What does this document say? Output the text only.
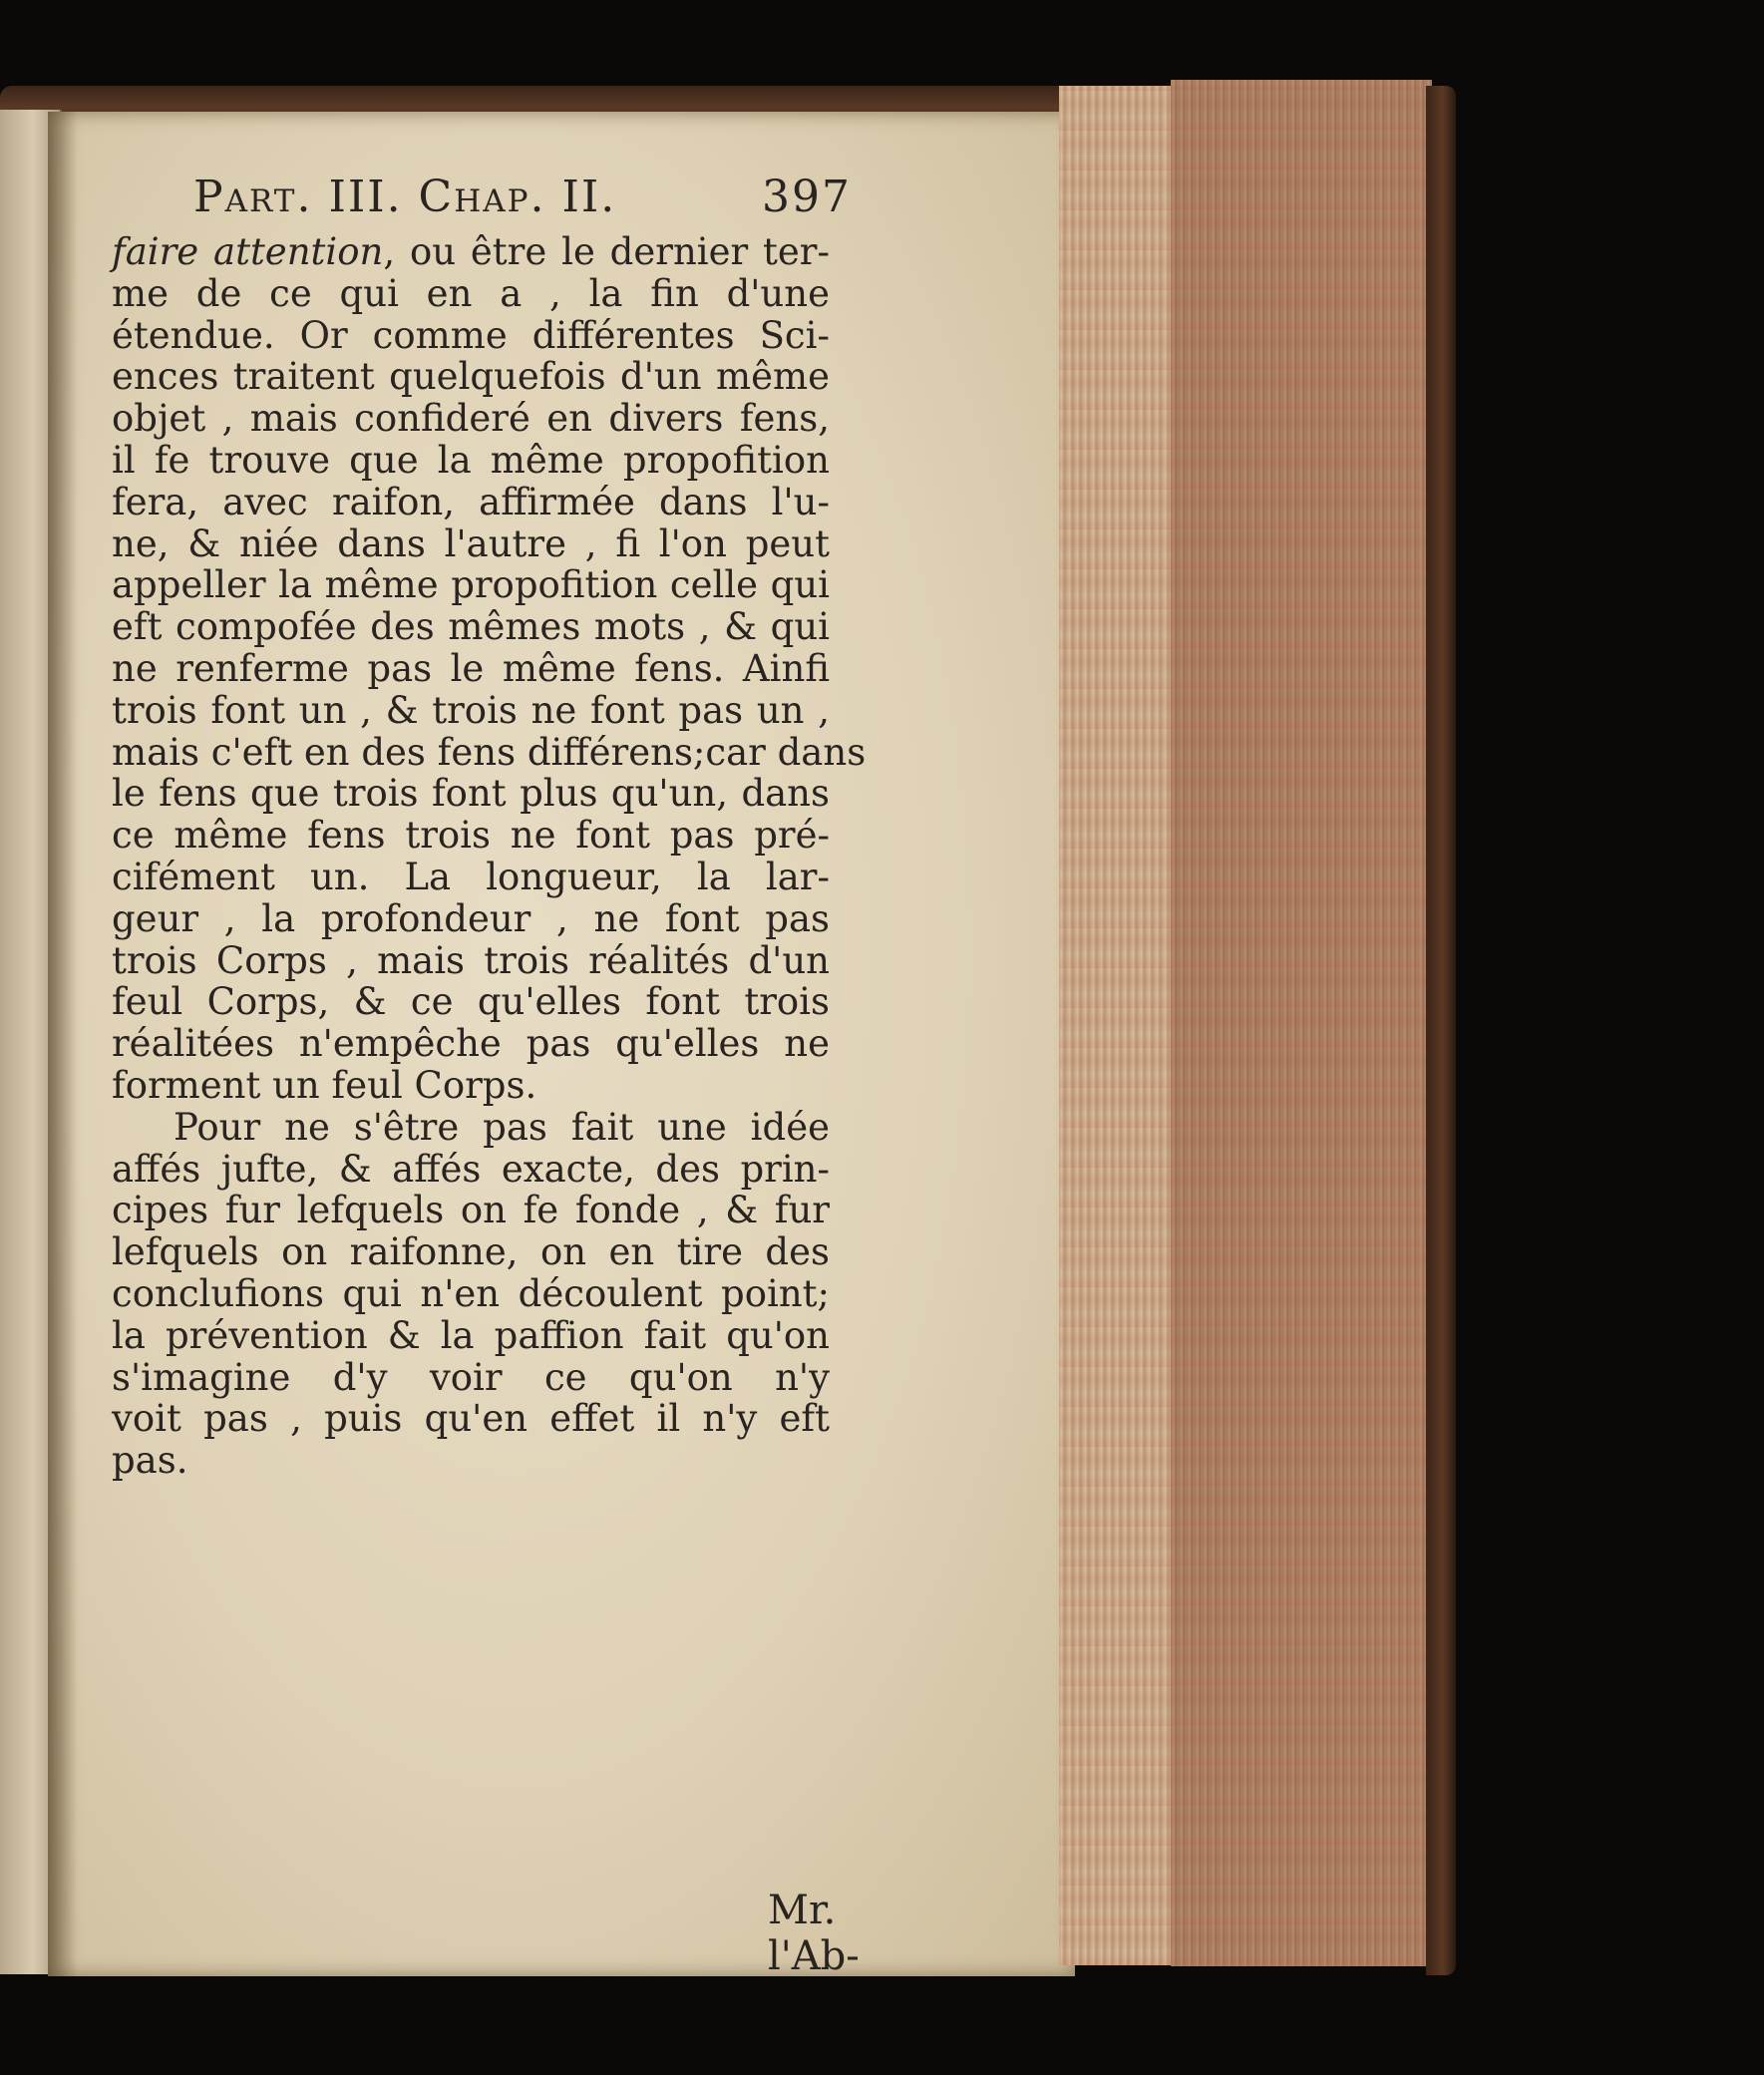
Part. III. Chap. II.	397
faire attention, ou être le dernier ter-
me de ce qui en a , la fin d'une
étendue. Or comme différentes Sci-
ences traitent quelquefois d'un même
objet , mais confideré en divers fens,
il fe trouve que la même propofition
fera, avec raifon, affirmée dans l'u-
ne, & niée dans l'autre , fi l'on peut
appeller la même propofition celle qui
eft compofée des mêmes mots , & qui
ne renferme pas le même fens. Ainfi
trois font un , & trois ne font pas un ,
mais c'eft en des fens différens;car dans
le fens que trois font plus qu'un, dans
ce même fens trois ne font pas pré-
cifément un. La longueur, la lar-
geur , la profondeur , ne font pas
trois Corps , mais trois réalités d'un
feul Corps, & ce qu'elles font trois
réalitées n'empêche pas qu'elles ne
forment un feul Corps.
Pour ne s'être pas fait une idée
affés jufte, & affés exacte, des prin-
cipes fur lefquels on fe fonde , & fur
lefquels on raifonne, on en tire des
conclufions qui n'en découlent point;
la prévention & la paffion fait qu'on
s'imagine d'y voir ce qu'on n'y
voit pas , puis qu'en effet il n'y eft
pas.
Mr. l'Ab-
